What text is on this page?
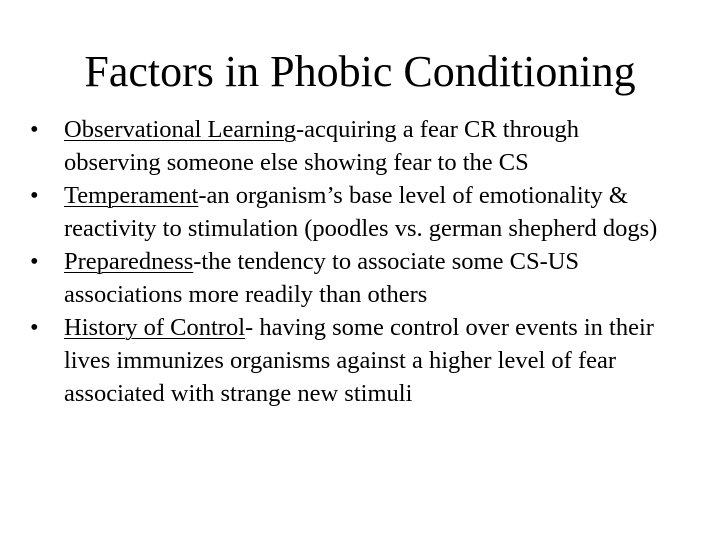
Factors in Phobic Conditioning
•	Observational Learning-acquiring a fear CR through observing someone else showing fear to the CS
•	Temperament-an organism’s base level of emotionality & reactivity to stimulation (poodles vs. german shepherd dogs)
•	Preparedness-the tendency to associate some CS-US associations more readily than others
•	History of Control- having some control over events in their lives immunizes organisms against a higher level of fear associated with strange new stimuli
